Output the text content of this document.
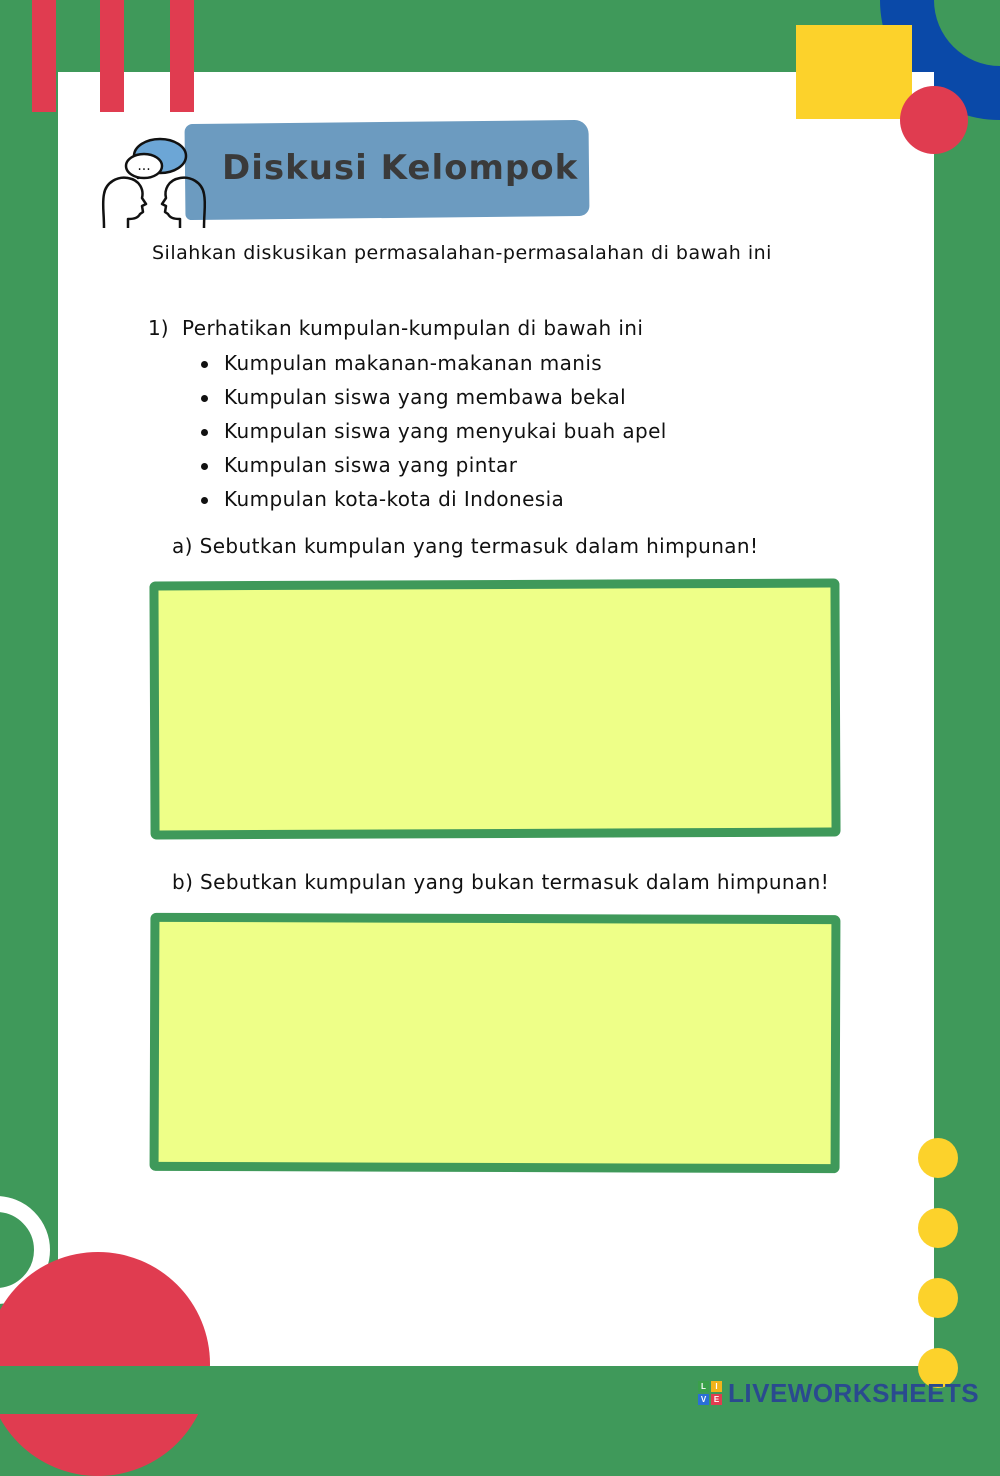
... Diskusi Kelompok
Silahkan diskusikan permasalahan-permasalahan di bawah ini
1) Perhatikan kumpulan-kumpulan di bawah ini
Kumpulan makanan-makanan manis
Kumpulan siswa yang membawa bekal
Kumpulan siswa yang menyukai buah apel
Kumpulan siswa yang pintar
Kumpulan kota-kota di Indonesia
a) Sebutkan kumpulan yang termasuk dalam himpunan!
b) Sebutkan kumpulan yang bukan termasuk dalam himpunan!
L	I
V E LIVEWORKSHEETS
